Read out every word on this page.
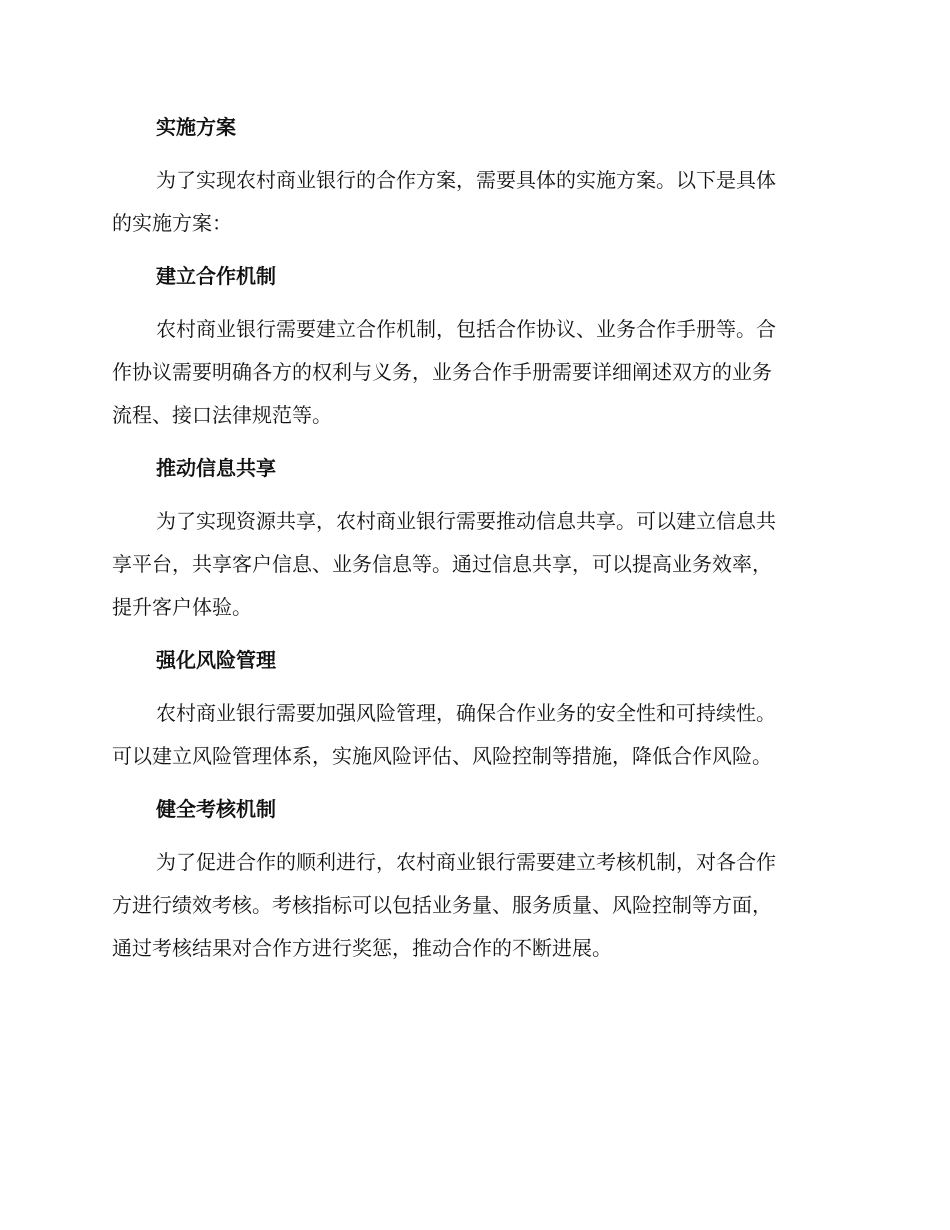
实施方案

为了实现农村商业银行的合作方案，需要具体的实施方案。以下是具体
的实施方案：

建立合作机制

农村商业银行需要建立合作机制，包括合作协议、业务合作手册等。合
作协议需要明确各方的权利与义务，业务合作手册需要详细阐述双方的业务
流程、接口法律规范等。

推动信息共享

为了实现资源共享，农村商业银行需要推动信息共享。可以建立信息共
享平台，共享客户信息、业务信息等。通过信息共享，可以提高业务效率，
提升客户体验。

强化风险管理

农村商业银行需要加强风险管理，确保合作业务的安全性和可持续性。
可以建立风险管理体系，实施风险评估、风险控制等措施，降低合作风险。

健全考核机制

为了促进合作的顺利进行，农村商业银行需要建立考核机制，对各合作
方进行绩效考核。考核指标可以包括业务量、服务质量、风险控制等方面，
通过考核结果对合作方进行奖惩，推动合作的不断进展。
